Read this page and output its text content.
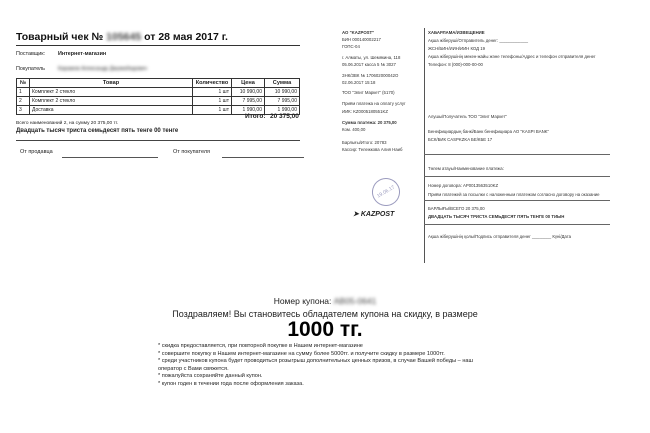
Товарный чек № 105645 от 28 мая 2017 г.
Поставщик: Интернет-магазин
Покупатель Карамов Александр Джумабедович
№	Товар	Количество	Цена	Сумма
1	Комплект 2 стекло	1 шт	10 990,00	10 990,00
2	Комплект 2 стекло	1 шт	7 995,00	7 995,00
3	Доставка	1 шт	1 990,00	1 990,00
Итого: 20 375,00
Всего наименований 2, на сумму 20 375,00 тг.
Двадцать тысяч триста семьдесят пять тенге 00 тенге
От продавца	От покупателя
АО "KAZPOST"
БИН 000140002217
ГОПС-04
г. Алматы, ул. Шемякина, 118
05.06.2017 касса 5 № 3027
ЗНК/ЗВК № 170602000042О
02.06.2017 15:18
ТОО "Элит Маркет" (5170)
Приём платежа на оплату услуг
ИИК: KZ0005180551KZ
Сумма платежа: 20 375,00
Ком. 400,00
Барлығы/Итого: 20783
Кассир: Тележкова Алия Наиб
ХАБАРЛАМА/ИЗВЕЩЕНИЕ
Ақша жіберуші/Отправитель денег: ____________
ЖСН/БИН/ИИН/ИИН КОД 19
Ақша жіберушінің мекен-жайы және телефоны/Адрес и телефон отправителя денег
Телефон: 8 (000)-000-00-00
Алушы/Получатель ТОО "Элит Маркет"
Бенефициардың банкі/Банк бенефициара АО "KASPI BANK"
БСК/БИК CASPKZKA БЕ/КБЕ 17
Төлем атауы/Наименование платежа:
Номер договора: АР0013563510KZ
Приём платежей за посылки с наложенным платежом согласно договору на оказание
БАРЛЫҒЫ/ВСЕГО 20 375,00
ДВАДЦАТЬ ТЫСЯЧ ТРИСТА СЕМЬДЕСЯТ ПЯТЬ ТЕНГЕ 00 ТИЫН
Ақша жіберушінің қолы/Подпись отправителя денег ________ Күні/Дата
19.06.17
➤ KAZPOST
Номер купона: AB05-0641
Поздравляем! Вы становитесь обладателем купона на скидку, в размере
1000 тг.
* скидка предоставляется, при повторной покупке в Нашем интернет-магазине
* совершите покупку в Нашем интернет-магазине на сумму более 5000тг. и получите скидку в размере 1000тг.
* среди участников купона будет проводиться розыгрыш дополнительных ценных призов, в случае Вашей победы – наш
оператор с Вами свяжется.
* пожалуйста сохраняйте данный купон.
* купон годен в течении года после оформления заказа.
